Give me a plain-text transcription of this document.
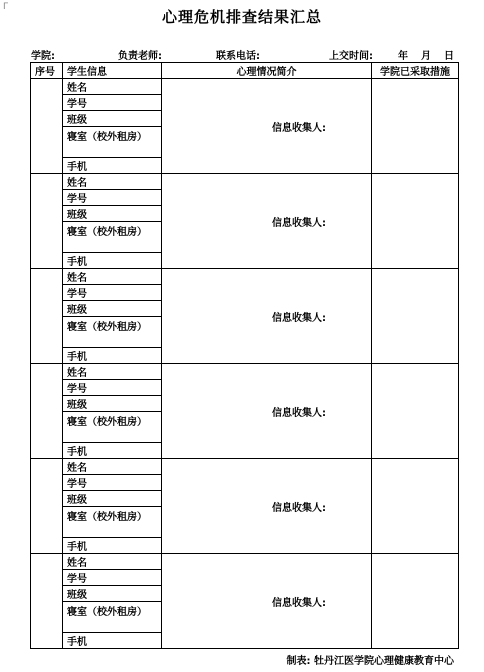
Γ
心理危机排查结果汇总
学院:	负责老师:	联系电话:	上交时间:	年 月 日
序号	学生信息	心理情况简介	学院已采取措施
	姓名	信息收集人:	

	学号		
	班级		
	寝室（校外租房）		
	手机		
	姓名	信息收集人:	

	学号		
	班级		
	寝室（校外租房）		
	手机		
	姓名	信息收集人:	

	学号		
	班级		
	寝室（校外租房）		
	手机		
	姓名	信息收集人:	

	学号		
	班级		
	寝室（校外租房）		
	手机		
	姓名	信息收集人:	

	学号		
	班级		
	寝室（校外租房）		
	手机		
	姓名	信息收集人:	

	学号		
	班级		
	寝室（校外租房）		
	手机		
制表: 牡丹江医学院心理健康教育中心
